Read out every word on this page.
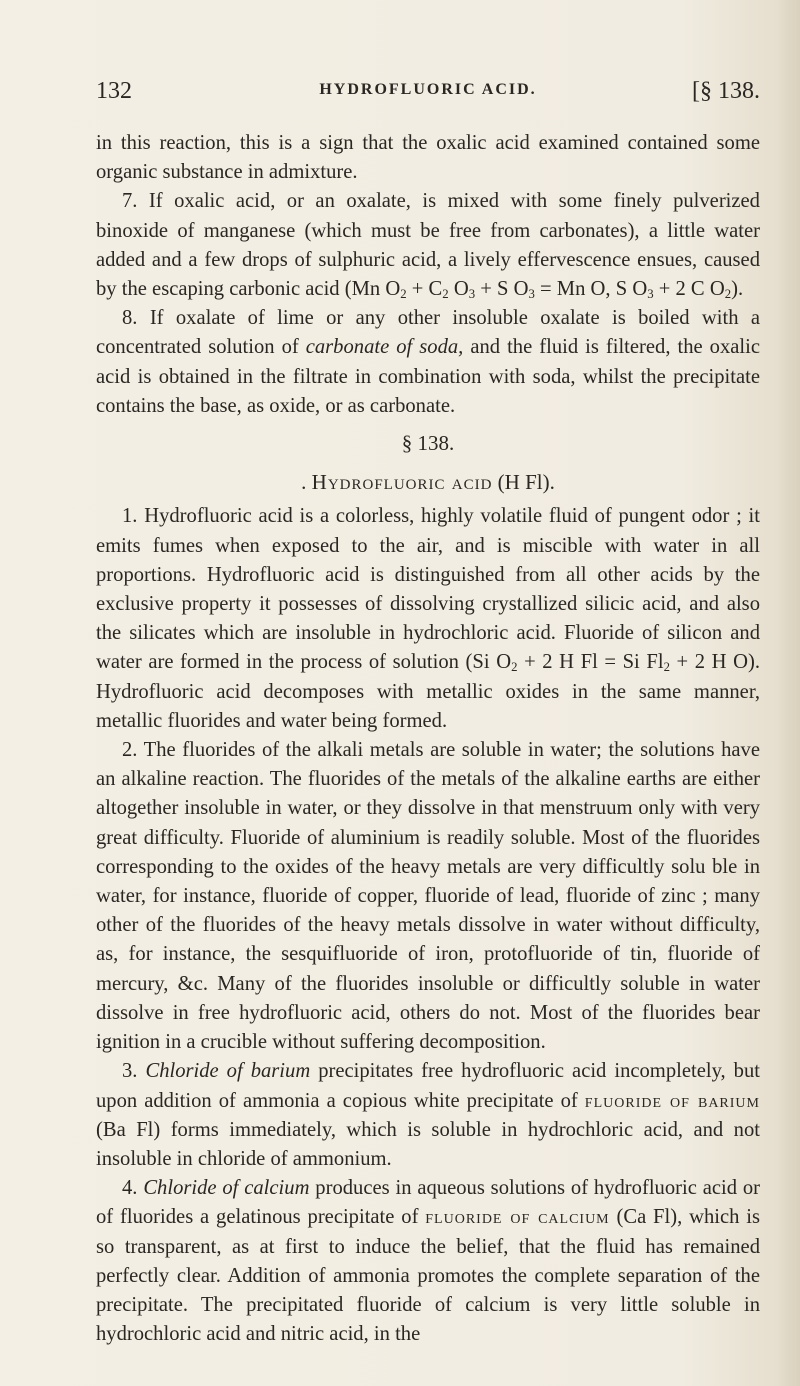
132	HYDROFLUORIC ACID.	[§ 138.

in this reaction, this is a sign that the oxalic acid examined contained some organic substance in admixture.

7. If oxalic acid, or an oxalate, is mixed with some finely pulverized binoxide of manganese (which must be free from carbonates), a little water added and a few drops of sulphuric acid, a lively effervescence ensues, caused by the escaping carbonic acid (Mn $O_2 + C_2$ $O_3 + S$ $O_3 = Mn$ O, S $O_3 + 2$ C $O_2$).

8. If oxalate of lime or any other insoluble oxalate is boiled with a concentrated solution of carbonate of soda, and the fluid is filtered, the oxalic acid is obtained in the filtrate in combination with soda, whilst the precipitate contains the base, as oxide, or as carbonate.

§ 138.

. Hydrofluoric acid (H Fl).

1. Hydrofluoric acid is a colorless, highly volatile fluid of pungent odor ; it emits fumes when exposed to the air, and is miscible with water in all proportions. Hydrofluoric acid is distinguished from all other acids by the exclusive property it possesses of dissolving crystallized silicic acid, and also the silicates which are insoluble in hydrochloric acid. Fluoride of silicon and water are formed in the process of solution (Si $O_2 + 2$ H Fl = Si $Fl_2 + 2$ H O). Hydrofluoric acid decomposes with metallic oxides in the same manner, metallic fluorides and water being formed.

2. The fluorides of the alkali metals are soluble in water; the solutions have an alkaline reaction. The fluorides of the metals of the alkaline earths are either altogether insoluble in water, or they dissolve in that menstruum only with very great difficulty. Fluoride of aluminium is readily soluble. Most of the fluorides corresponding to the oxides of the heavy metals are very difficultly solu ble in water, for instance, fluoride of copper, fluoride of lead, fluoride of zinc ; many other of the fluorides of the heavy metals dissolve in water without difficulty, as, for instance, the sesquifluoride of iron, protofluoride of tin, fluoride of mercury, &c. Many of the fluorides insoluble or difficultly soluble in water dissolve in free hydrofluoric acid, others do not. Most of the fluorides bear ignition in a crucible without suffering decomposition.

3. Chloride of barium precipitates free hydrofluoric acid incompletely, but upon addition of ammonia a copious white precipitate of fluoride of barium (Ba Fl) forms immediately, which is soluble in hydrochloric acid, and not insoluble in chloride of ammonium.

4. Chloride of calcium produces in aqueous solutions of hydrofluoric acid or of fluorides a gelatinous precipitate of fluoride of calcium (Ca Fl), which is so transparent, as at first to induce the belief, that the fluid has remained perfectly clear. Addition of ammonia promotes the complete separation of the precipitate. The precipitated fluoride of calcium is very little soluble in hydrochloric acid and nitric acid, in the
